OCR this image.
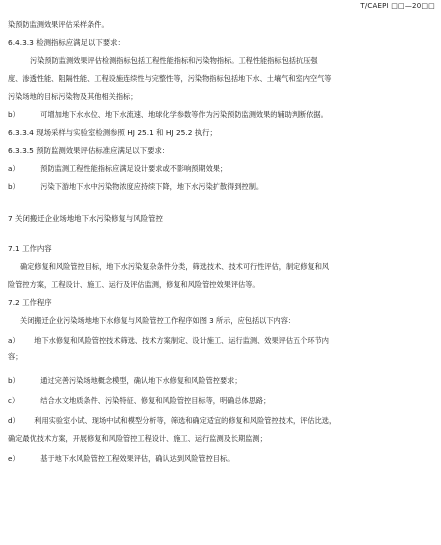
T/CAEPI □□—20□□
染预防监测效果评估采样条件。
6.4.3.3 检测指标应满足以下要求：
污染预防监测效果评估检测指标包括工程性能指标和污染物指标。工程性能指标包括抗压强
度、渗透性能、阻隔性能、工程设施连续性与完整性等，污染物指标包括地下水、土壤气和室内空气等
污染场地的目标污染物及其他相关指标；
b）	可增加地下水水位、地下水流速、地球化学参数等作为污染预防监测效果的辅助判断依据。
6.3.3.4 现场采样与实验室检测参照 HJ 25.1 和 HJ 25.2 执行；
6.3.3.5 预防监测效果评估标准应满足以下要求：
a）	预防监测工程性能指标应满足设计要求或不影响预期效果；
b）	污染下游地下水中污染物浓度应持续下降，地下水污染扩散得到控制。
7 关闭搬迁企业场地地下水污染修复与风险管控
7.1 工作内容
确定修复和风险管控目标，地下水污染复杂条件分类，筛选技术、技术可行性评估，制定修复和风
险管控方案，工程设计、施工、运行及评估监测，修复和风险管控效果评估等。
7.2 工作程序
关闭搬迁企业污染场地地下水修复与风险管控工作程序如图 3 所示，应包括以下内容：
a） 地下水修复和风险管控技术筛选、技术方案制定、设计施工、运行监测、效果评估五个环节内
容；
b）	通过完善污染场地概念模型，确认地下水修复和风险管控要求；
c）	结合水文地质条件、污染特征、修复和风险管控目标等，明确总体思路；
d） 利用实验室小试、现场中试和模型分析等，筛选和确定适宜的修复和风险管控技术，评估比选，
确定最优技术方案，开展修复和风险管控工程设计、施工、运行监测及长期监测；
e）	基于地下水风险管控工程效果评估，确认达到风险管控目标。
